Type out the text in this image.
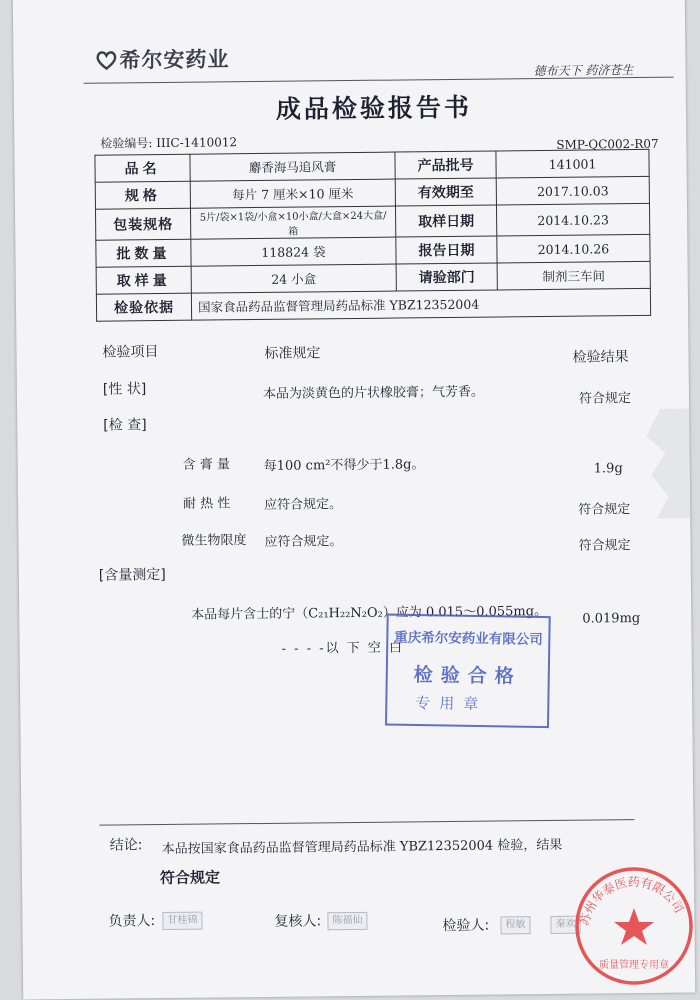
希尔安药业	德布天下 药济苍生
成品检验报告书
检验编号: IIIC-1410012	SMP-QC002-R07
品名	麝香海马追风膏	产品批号	141001
规格	每片 7 厘米×10 厘米	有效期至	2017.10.03
包装规格	5片/袋×1袋/小盒×10小盒/大盒×24大盒/箱	取样日期	2014.10.23
批数量	118824 袋	报告日期	2014.10.26
取样量	24 小盒	请验部门	制剂三车间
检验依据	国家食品药品监督管理局药品标准 YBZ12352004		
检验项目	标准规定	检验结果
[性 状]	本品为淡黄色的片状橡胶膏；气芳香。	符合规定
[检 查]
含 膏 量	每100 cm²不得少于1.8g。	1.9g
耐 热 性	应符合规定。	符合规定
微生物限度 应符合规定。	符合规定
[含量测定]
本品每片含士的宁（C₂₁H₂₂N₂O₂）应为 0.015～0.055mg。	0.019mg
- - - -以 下 空 白
重庆希尔安药业有限公司
检验合格
专用章
结论: 本品按国家食品药品监督管理局药品标准 YBZ12352004 检验，结果
符合规定
负责人:	甘桂锦	复核人:	陈福仙	检验人:	程敏	秦欢 苏州华泰医药有限公司
质量管理专用章
